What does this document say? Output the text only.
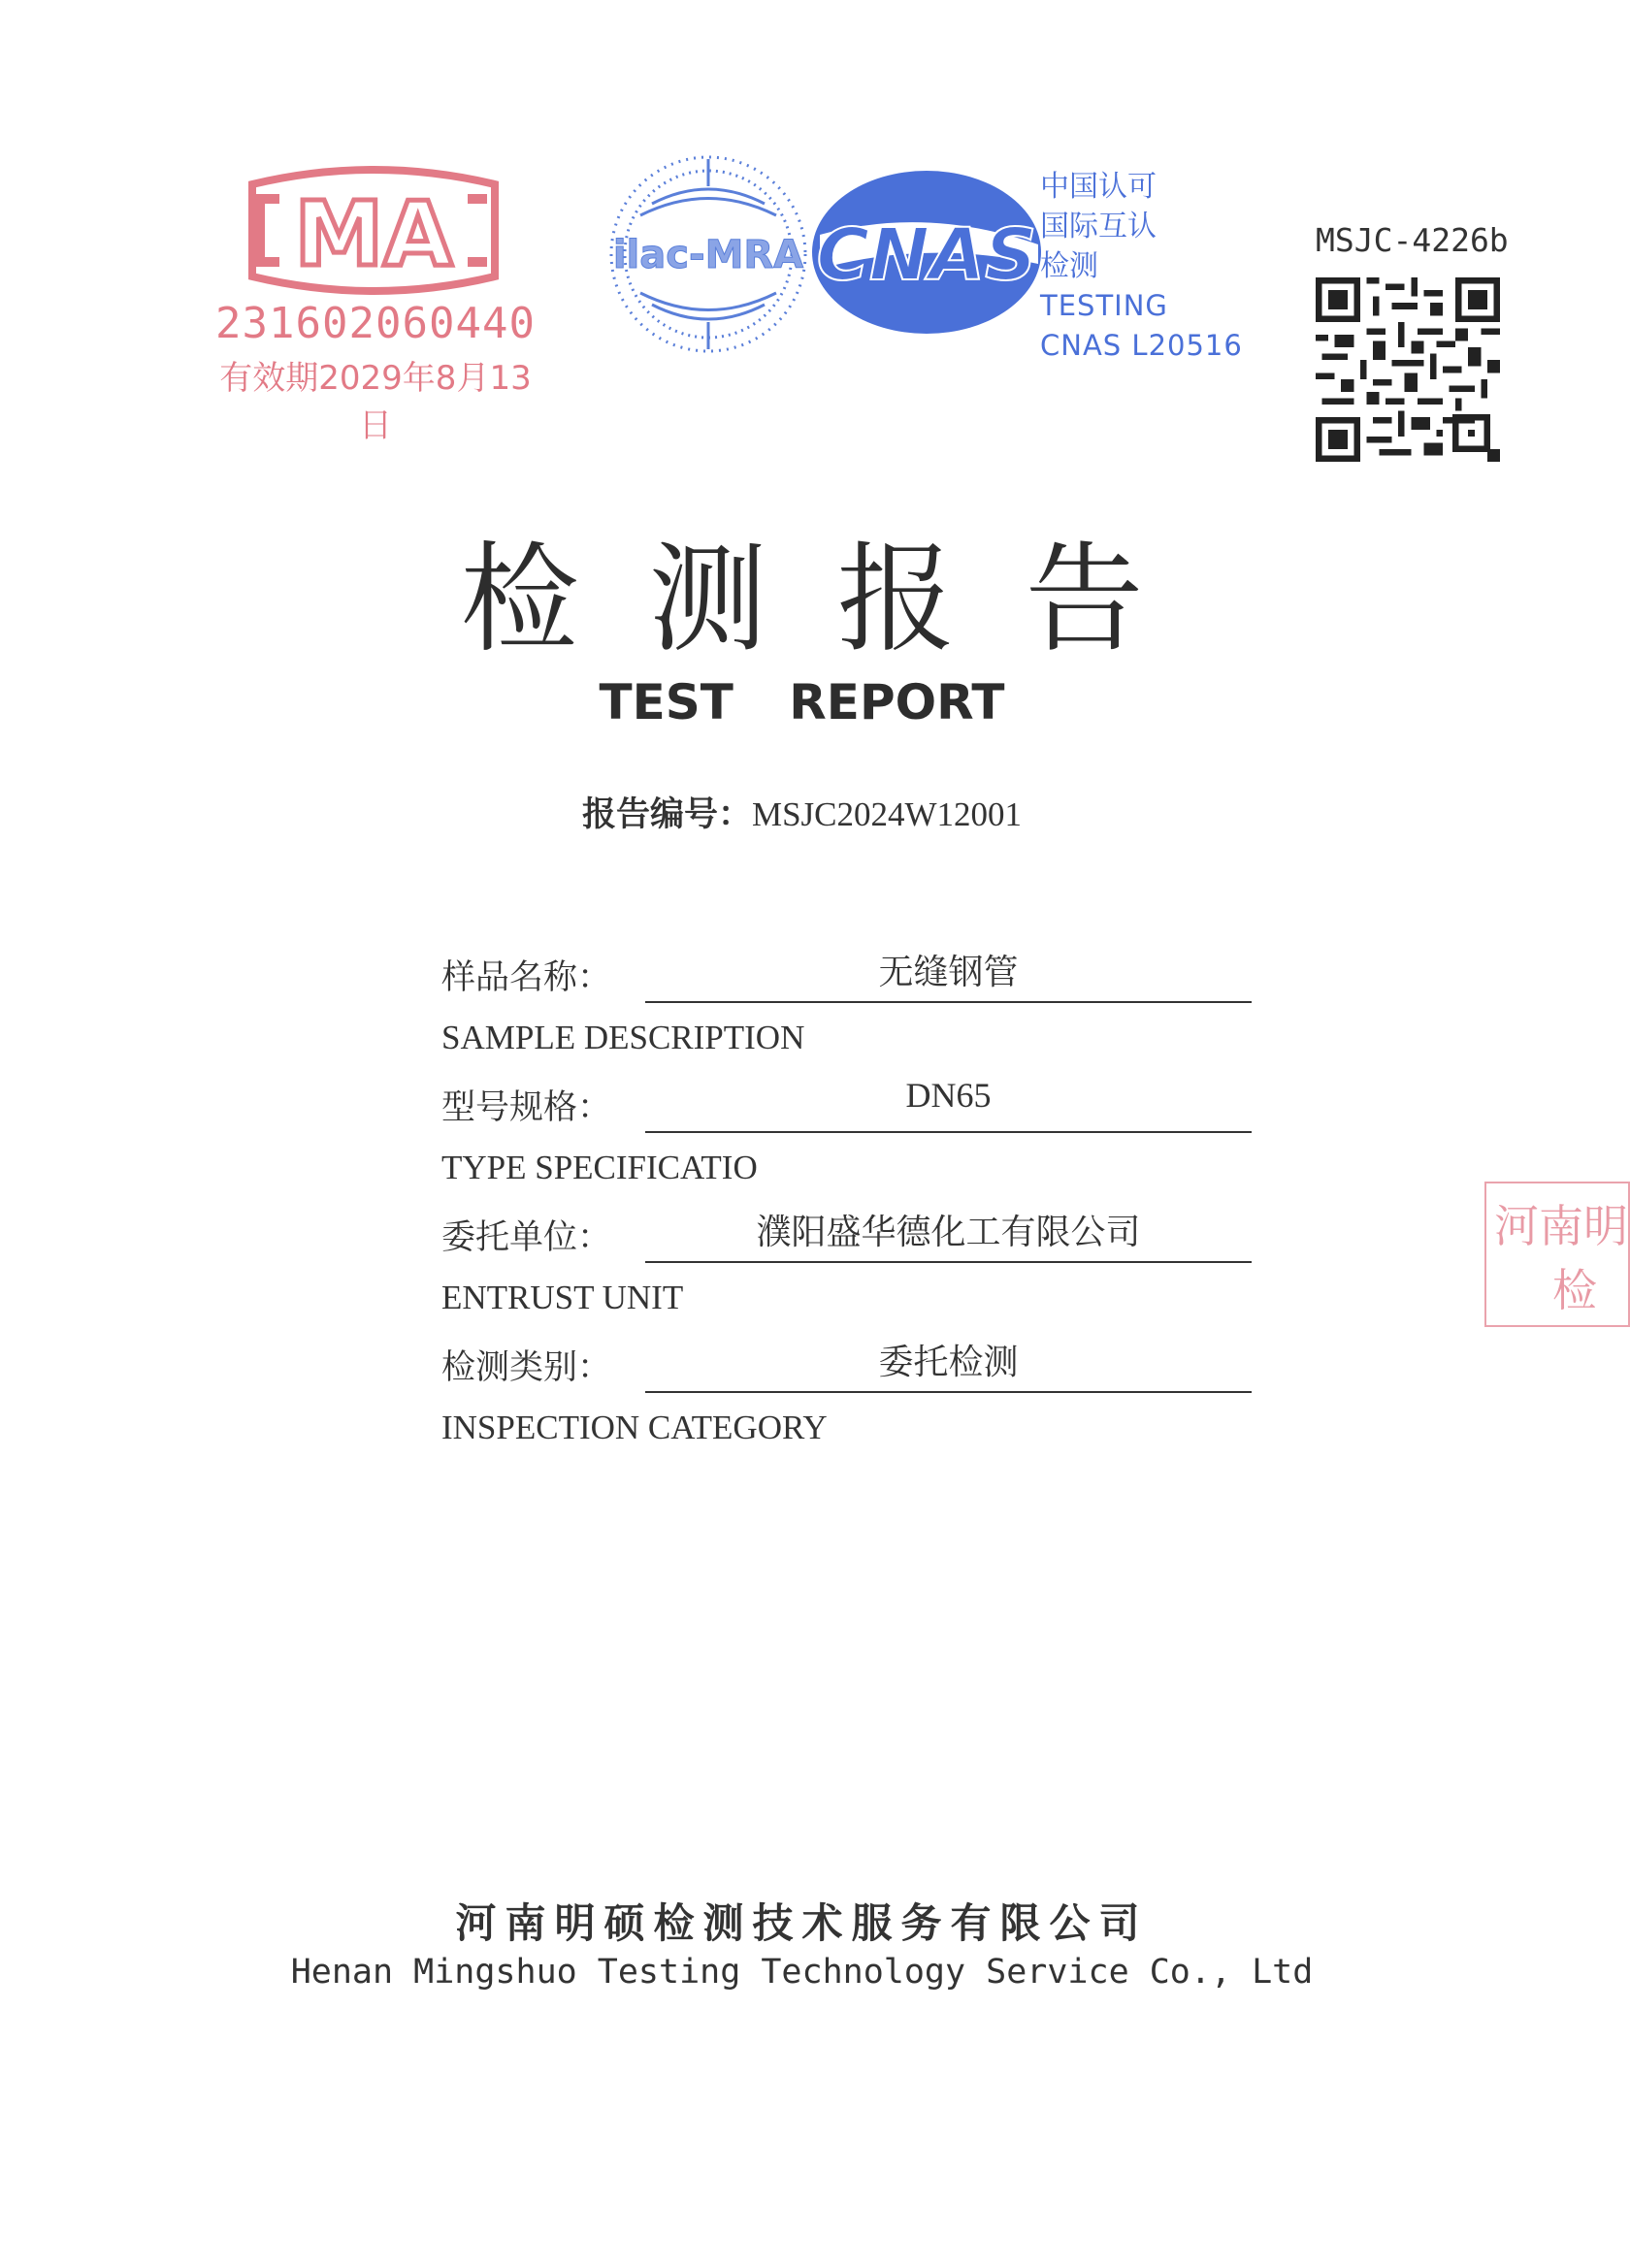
MA
231602060440
有效期2029年8月13日
ilac-MRA CNAS
中国认可
国际互认
检测
TESTING
CNAS L20516
MSJC-4226b
检测报告
TEST REPORT
报告编号：MSJC2024W12001
样品名称：	无缝钢管
SAMPLE DESCRIPTION
型号规格：	DN65
TYPE SPECIFICATIO
委托单位：	濮阳盛华德化工有限公司
ENTRUST UNIT
检测类别：	委托检测
INSPECTION CATEGORY
河南明
检
河南明硕检测技术服务有限公司
Henan Mingshuo Testing Technology Service Co., Ltd
